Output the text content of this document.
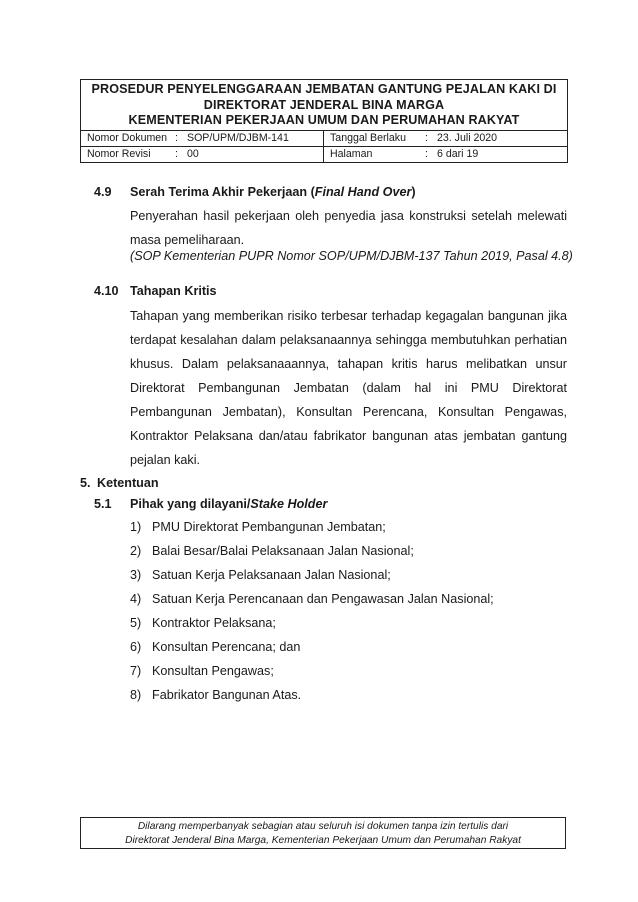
PROSEDUR PENYELENGGARAAN JEMBATAN GANTUNG PEJALAN KAKI DI
DIREKTORAT JENDERAL BINA MARGA
KEMENTERIAN PEKERJAAN UMUM DAN PERUMAHAN RAKYAT
Nomor Dokumen : SOP/UPM/DJBM-141	Tanggal Berlaku	: 23. Juli 2020
Nomor Revisi	: 00	Halaman	: 6 dari 19
4.9 Serah Terima Akhir Pekerjaan (Final Hand Over)

Penyerahan hasil pekerjaan oleh penyedia jasa konstruksi setelah melewati masa pemeliharaan.

(SOP Kementerian PUPR Nomor SOP/UPM/DJBM-137 Tahun 2019, Pasal 4.8)
4.10 Tahapan Kritis

Tahapan yang memberikan risiko terbesar terhadap kegagalan bangunan jika terdapat kesalahan dalam pelaksanaannya sehingga membutuhkan perhatian khusus. Dalam pelaksanaaannya, tahapan kritis harus melibatkan unsur Direktorat Pembangunan Jembatan (dalam hal ini PMU Direktorat Pembangunan Jembatan), Konsultan Perencana, Konsultan Pengawas, Kontraktor Pelaksana dan/atau fabrikator bangunan atas jembatan gantung pejalan kaki.

5. Ketentuan
5.1 Pihak yang dilayani/Stake Holder
1) PMU Direktorat Pembangunan Jembatan;
2) Balai Besar/Balai Pelaksanaan Jalan Nasional;
3) Satuan Kerja Pelaksanaan Jalan Nasional;
4) Satuan Kerja Perencanaan dan Pengawasan Jalan Nasional;
5) Kontraktor Pelaksana;
6) Konsultan Perencana; dan
7) Konsultan Pengawas;
8) Fabrikator Bangunan Atas.
Dilarang memperbanyak sebagian atau seluruh isi dokumen tanpa izin tertulis dari
Direktorat Jenderal Bina Marga, Kementerian Pekerjaan Umum dan Perumahan Rakyat
